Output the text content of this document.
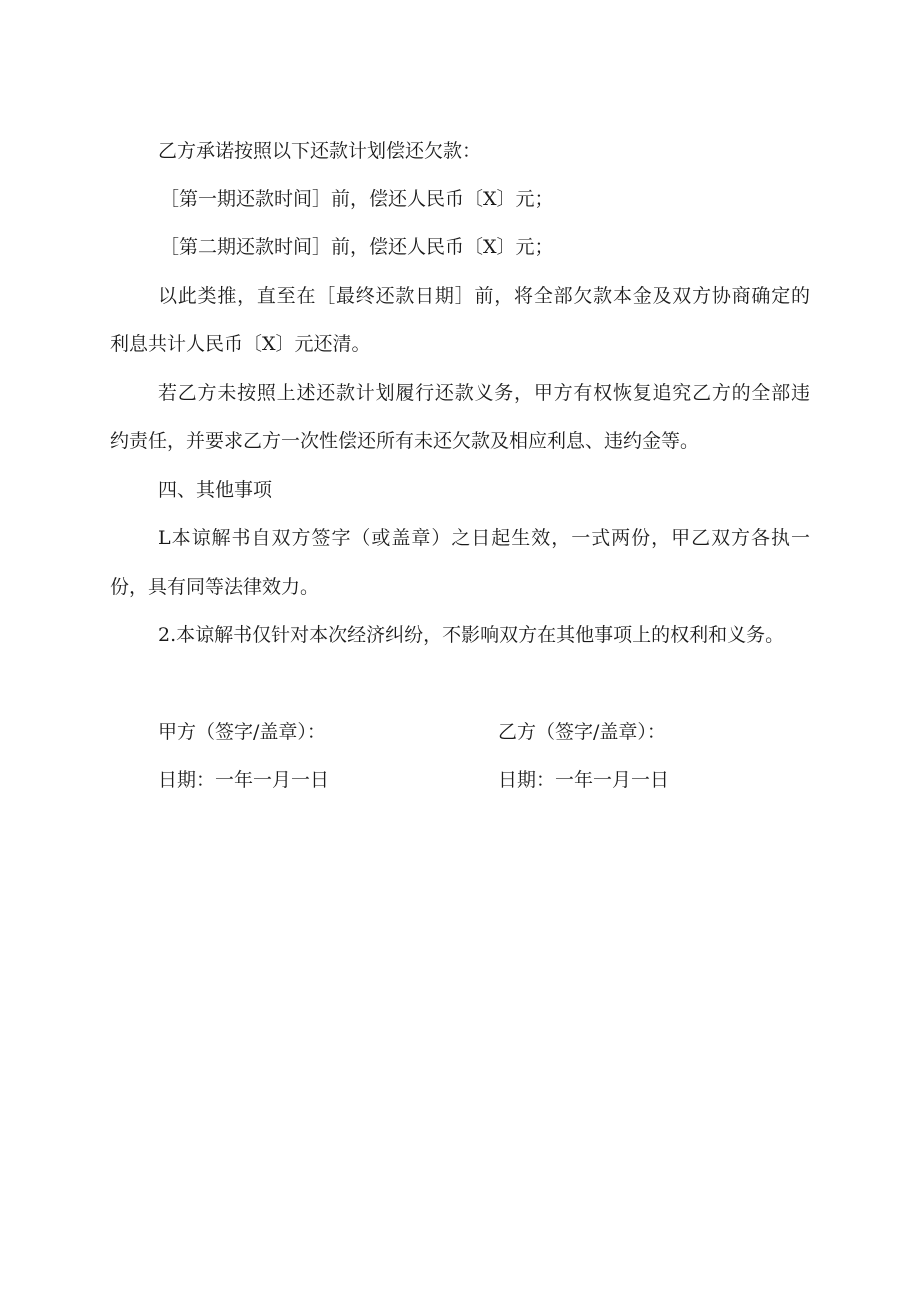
乙方承诺按照以下还款计划偿还欠款：
［第一期还款时间］前，偿还人民币〔X〕元；
［第二期还款时间］前，偿还人民币〔X〕元；
以此类推，直至在［最终还款日期］前，将全部欠款本金及双方协商确定的
利息共计人民币〔X〕元还清。
若乙方未按照上述还款计划履行还款义务，甲方有权恢复追究乙方的全部违
约责任，并要求乙方一次性偿还所有未还欠款及相应利息、违约金等。
四、其他事项
L本谅解书自双方签字（或盖章）之日起生效，一式两份，甲乙双方各执一
份，具有同等法律效力。
2.本谅解书仅针对本次经济纠纷，不影响双方在其他事项上的权利和义务。
甲方（签字/盖章）：	乙方（签字/盖章）：
日期：一年一月一日	日期：一年一月一日
